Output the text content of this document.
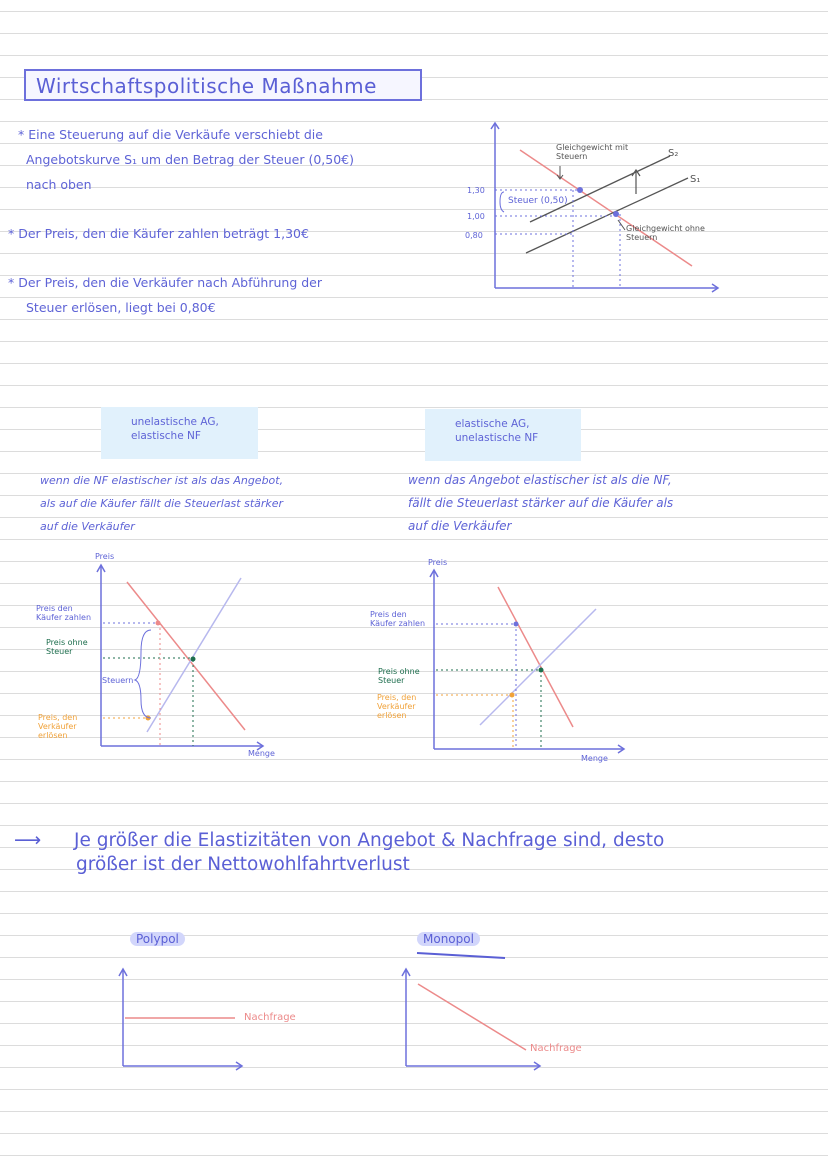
Wirtschaftspolitische Maßnahme
* Eine Steuerung auf die Verkäufe verschiebt die
Angebotskurve S₁ um den Betrag der Steuer (0,50€)
nach oben
* Der Preis, den die Käufer zahlen beträgt 1,30€
* Der Preis, den die Verkäufer nach Abführung der
Steuer erlösen, liegt bei 0,80€
1,30
1,00
0,80
Steuer (0,50)
Gleichgewicht mit Steuern
Gleichgewicht ohne Steuern
S₂
S₁
unelastische AG,
elastische NF
elastische AG,
unelastische NF
wenn die NF elastischer ist als das Angebot,
als auf die Käufer fällt die Steuerlast stärker
auf die Verkäufer
wenn das Angebot elastischer ist als die NF,
fällt die Steuerlast stärker auf die Käufer als
auf die Verkäufer
Preis
Menge
Preis den
Käufer zahlen
Preis ohne
Steuer
Steuern
Preis, den
Verkäufer
erlösen
Preis
Menge
Preis den
Käufer zahlen
Preis ohne
Steuer
Preis, den
Verkäufer
erlösen
⟶ Je größer die Elastizitäten von Angebot & Nachfrage sind, desto
größer ist der Nettowohlfahrtverlust
Polypol	Monopol
Nachfrage
Nachfrage
